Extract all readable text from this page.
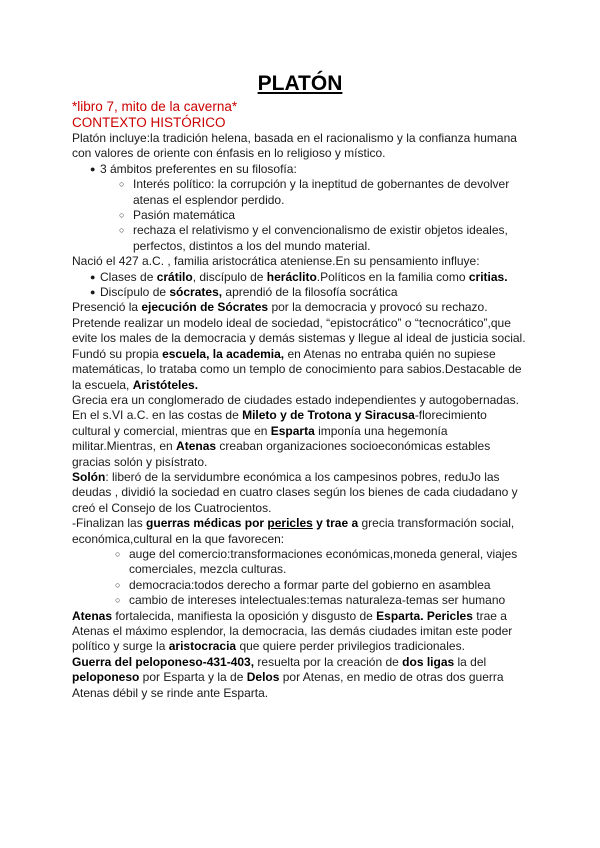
PLATÓN

*libro 7, mito de la caverna*

CONTEXTO HISTÓRICO

Platón incluye:la tradición helena, basada en el racionalismo y la confianza humana con valores de oriente con énfasis en lo religioso y místico.

● 3 ámbitos preferentes en su filosofía:
○ Interés político: la corrupción y la ineptitud de gobernantes de devolver atenas el esplendor perdido.
○ Pasión matemática
○ rechaza el relativismo y el convencionalismo de existir objetos ideales, perfectos, distintos a los del mundo material.

Nació el 427 a.C. , familia aristocrática ateniense.En su pensamiento influye:

● Clases de crátilo, discípulo de heráclito.Políticos en la familia como critias.
● Discípulo de sócrates, aprendió de la filosofía socrática

Presenció la ejecución de Sócrates por la democracia y provocó su rechazo. Pretende realizar un modelo ideal de sociedad, “epistocrático” o “tecnocrático”,que evite los males de la democracia y demás sistemas y llegue al ideal de justicia social.

Fundó su propia escuela, la academia, en Atenas no entraba quién no supiese matemáticas, lo trataba como un templo de conocimiento para sabios.Destacable de la escuela, Aristóteles.

Grecia era un conglomerado de ciudades estado independientes y autogobernadas. En el s.VI a.C. en las costas de Mileto y de Trotona y Siracusa-florecimiento cultural y comercial, mientras que en Esparta imponía una hegemonía militar.Mientras, en Atenas creaban organizaciones socioeconómicas estables gracias solón y pisístrato.

Solón: liberó de la servidumbre económica a los campesinos pobres, reduJo las deudas , dividió la sociedad en cuatro clases según los bienes de cada ciudadano y creó el Consejo de los Cuatrocientos.

-Finalizan las guerras médicas por pericles y trae a grecia transformación social, económica,cultural en la que favorecen:

○ auge del comercio:transformaciones económicas,moneda general, viajes comerciales, mezcla culturas.
○ democracia:todos derecho a formar parte del gobierno en asamblea
○ cambio de intereses intelectuales:temas naturaleza-temas ser humano

Atenas fortalecida, manifiesta la oposición y disgusto de Esparta. Pericles trae a Atenas el máximo esplendor, la democracia, las demás ciudades imitan este poder político y surge la aristocracia que quiere perder privilegios tradicionales.

Guerra del peloponeso-431-403, resuelta por la creación de dos ligas la del peloponeso por Esparta y la de Delos por Atenas, en medio de otras dos guerra Atenas débil y se rinde ante Esparta.
